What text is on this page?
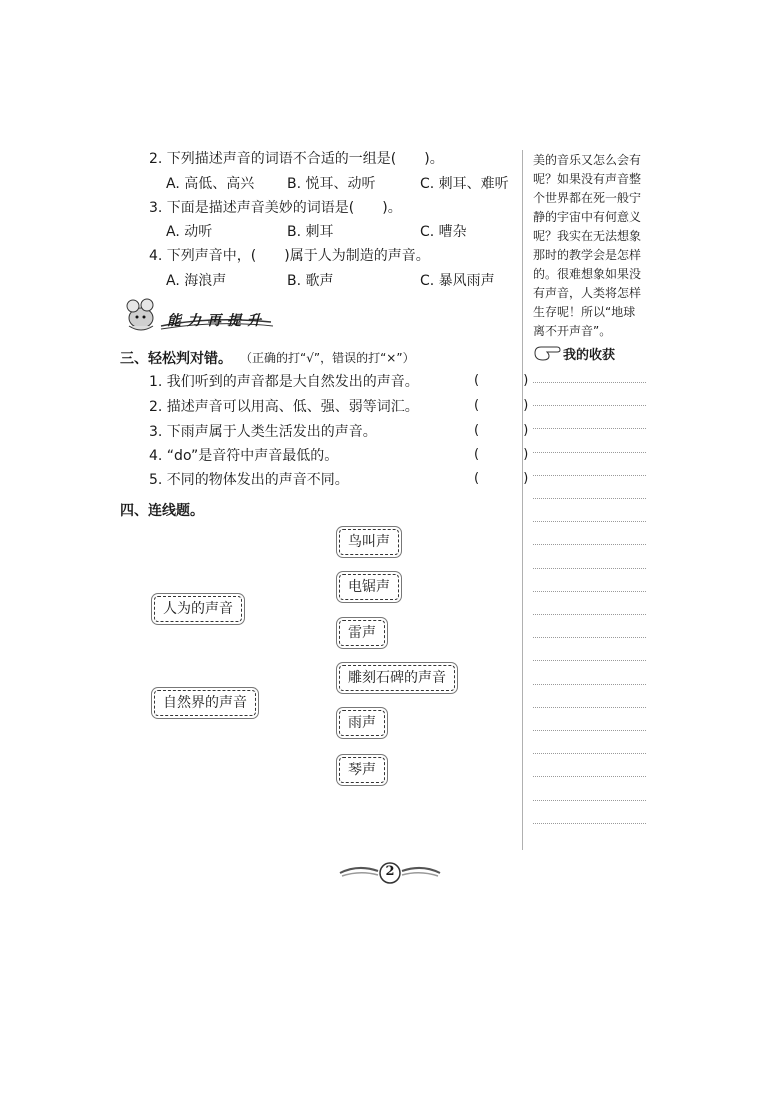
2. 下列描述声音的词语不合适的一组是(　　)。
A. 高低、高兴 B. 悦耳、动听	C. 刺耳、难听
3. 下面是描述声音美妙的词语是(　　)。
A. 动听	B. 刺耳	C. 嘈杂
4. 下列声音中，(　　)属于人为制造的声音。
A. 海浪声	B. 歌声	C. 暴风雨声
能力再提升
三、轻松判对错。 （正确的打“√”，错误的打“×”）
1. 我们听到的声音都是大自然发出的声音。	( )
2. 描述声音可以用高、低、强、弱等词汇。	( )
3. 下雨声属于人类生活发出的声音。	( )
4. “do”是音符中声音最低的。	( )
5. 不同的物体发出的声音不同。	( )
四、连线题。
人为的声音
自然界的声音
鸟叫声
电锯声
雷声
雕刻石碑的声音
雨声
琴声
美的音乐又怎么会有
呢？如果没有声音整
个世界都在死一般宁
静的宇宙中有何意义
呢？我实在无法想象
那时的教学会是怎样
的。很难想象如果没
有声音，人类将怎样
生存呢！所以“地球
离不开声音”。
我的收获
2
